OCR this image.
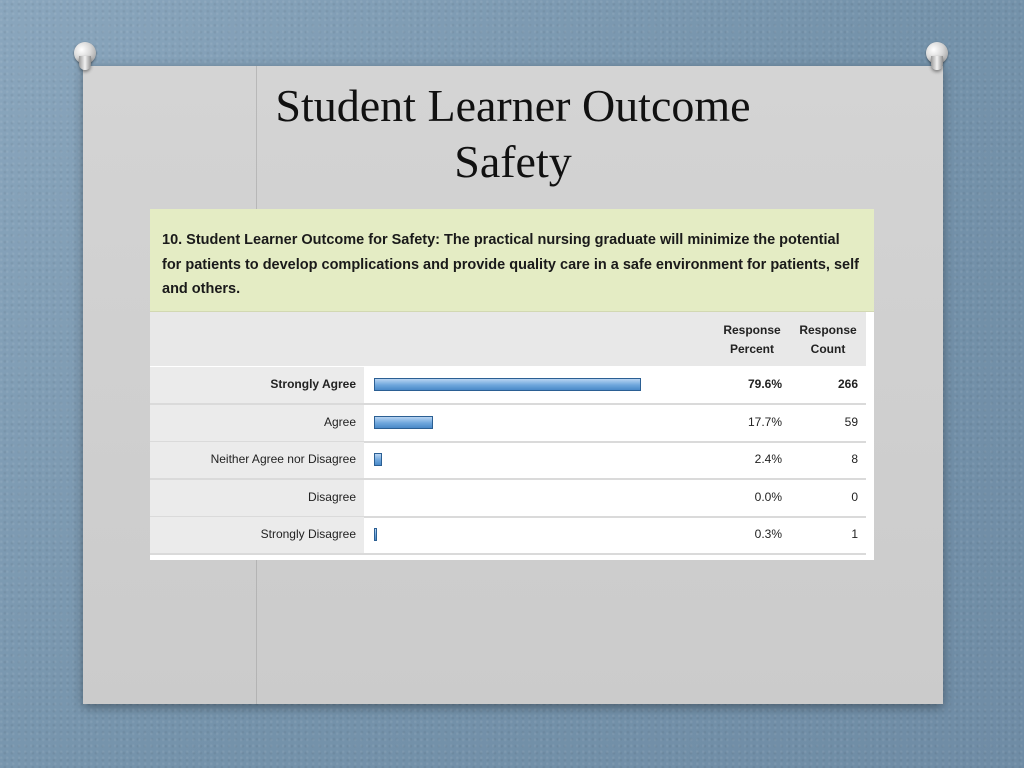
Student Learner Outcome
Safety
10. Student Learner Outcome for Safety: The practical nursing graduate will minimize the potential for patients to develop complications and provide quality care in a safe environment for patients, self and others.
Response Percent
Response Count
Strongly Agree	79.6%	266
Agree	17.7%	59
Neither Agree nor Disagree	2.4%	8
Disagree	0.0%	0
Strongly Disagree	0.3%	1
